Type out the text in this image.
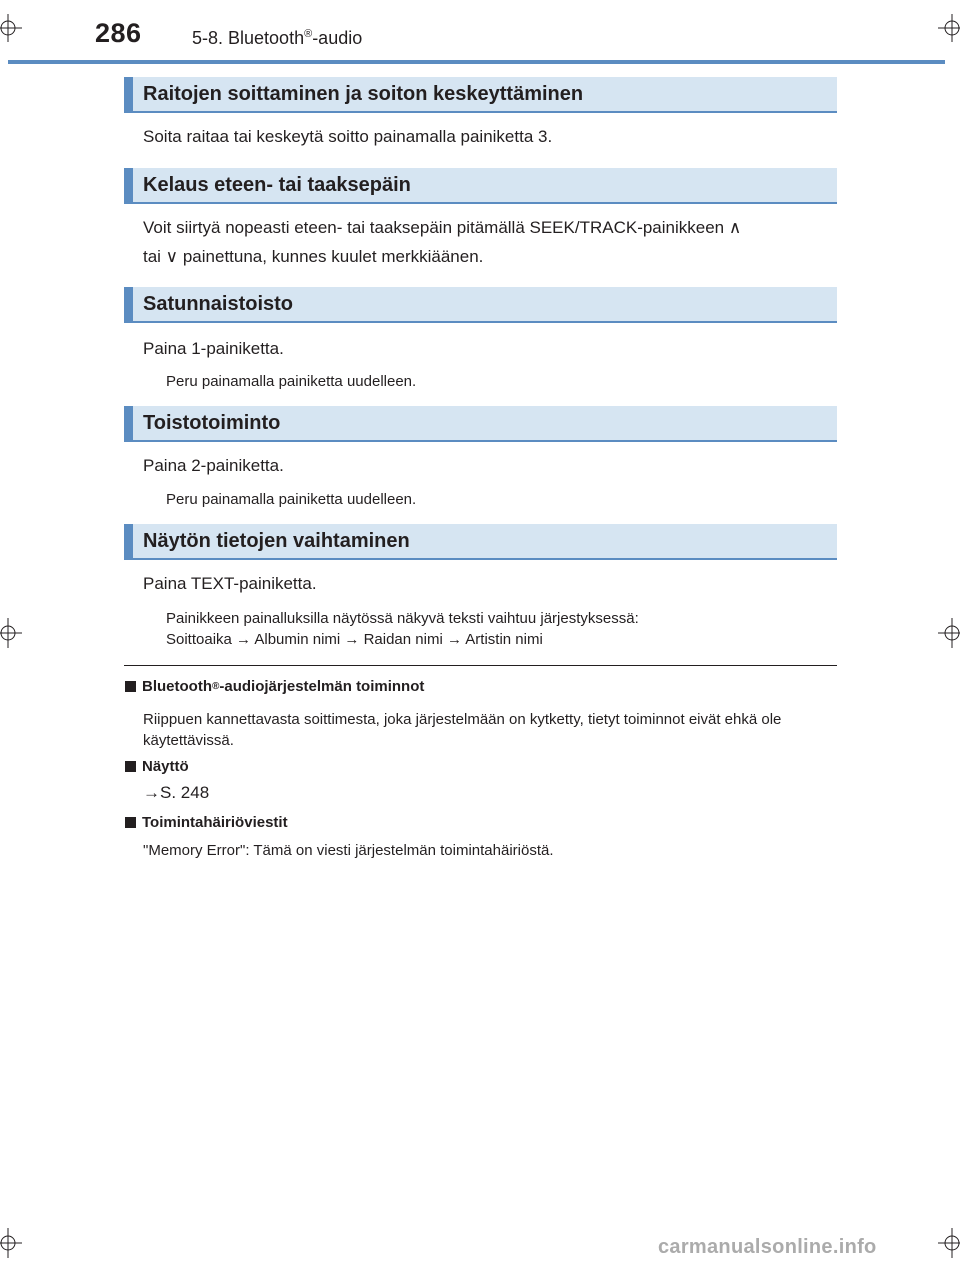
286	5-8. Bluetooth®-audio
Raitojen soittaminen ja soiton keskeyttäminen
Soita raitaa tai keskeytä soitto painamalla painiketta 3.
Kelaus eteen- tai taaksepäin
Voit siirtyä nopeasti eteen- tai taaksepäin pitämällä SEEK/TRACK-painikkeen ∧
tai ∨ painettuna, kunnes kuulet merkkiäänen.
Satunnaistoisto
Paina 1-painiketta.
Peru painamalla painiketta uudelleen.
Toistotoiminto
Paina 2-painiketta.
Peru painamalla painiketta uudelleen.
Näytön tietojen vaihtaminen
Paina TEXT-painiketta.
Painikkeen painalluksilla näytössä näkyvä teksti vaihtuu järjestyksessä:
Soittoaika → Albumin nimi → Raidan nimi → Artistin nimi
Bluetooth ® -audiojärjestelmän toiminnot
Riippuen kannettavasta soittimesta, joka järjestelmään on kytketty, tietyt toiminnot eivät ehkä ole käytettävissä.
Näyttö
→S. 248
Toimintahäiriöviestit
"Memory Error": Tämä on viesti järjestelmän toimintahäiriöstä.
carmanualsonline.info
